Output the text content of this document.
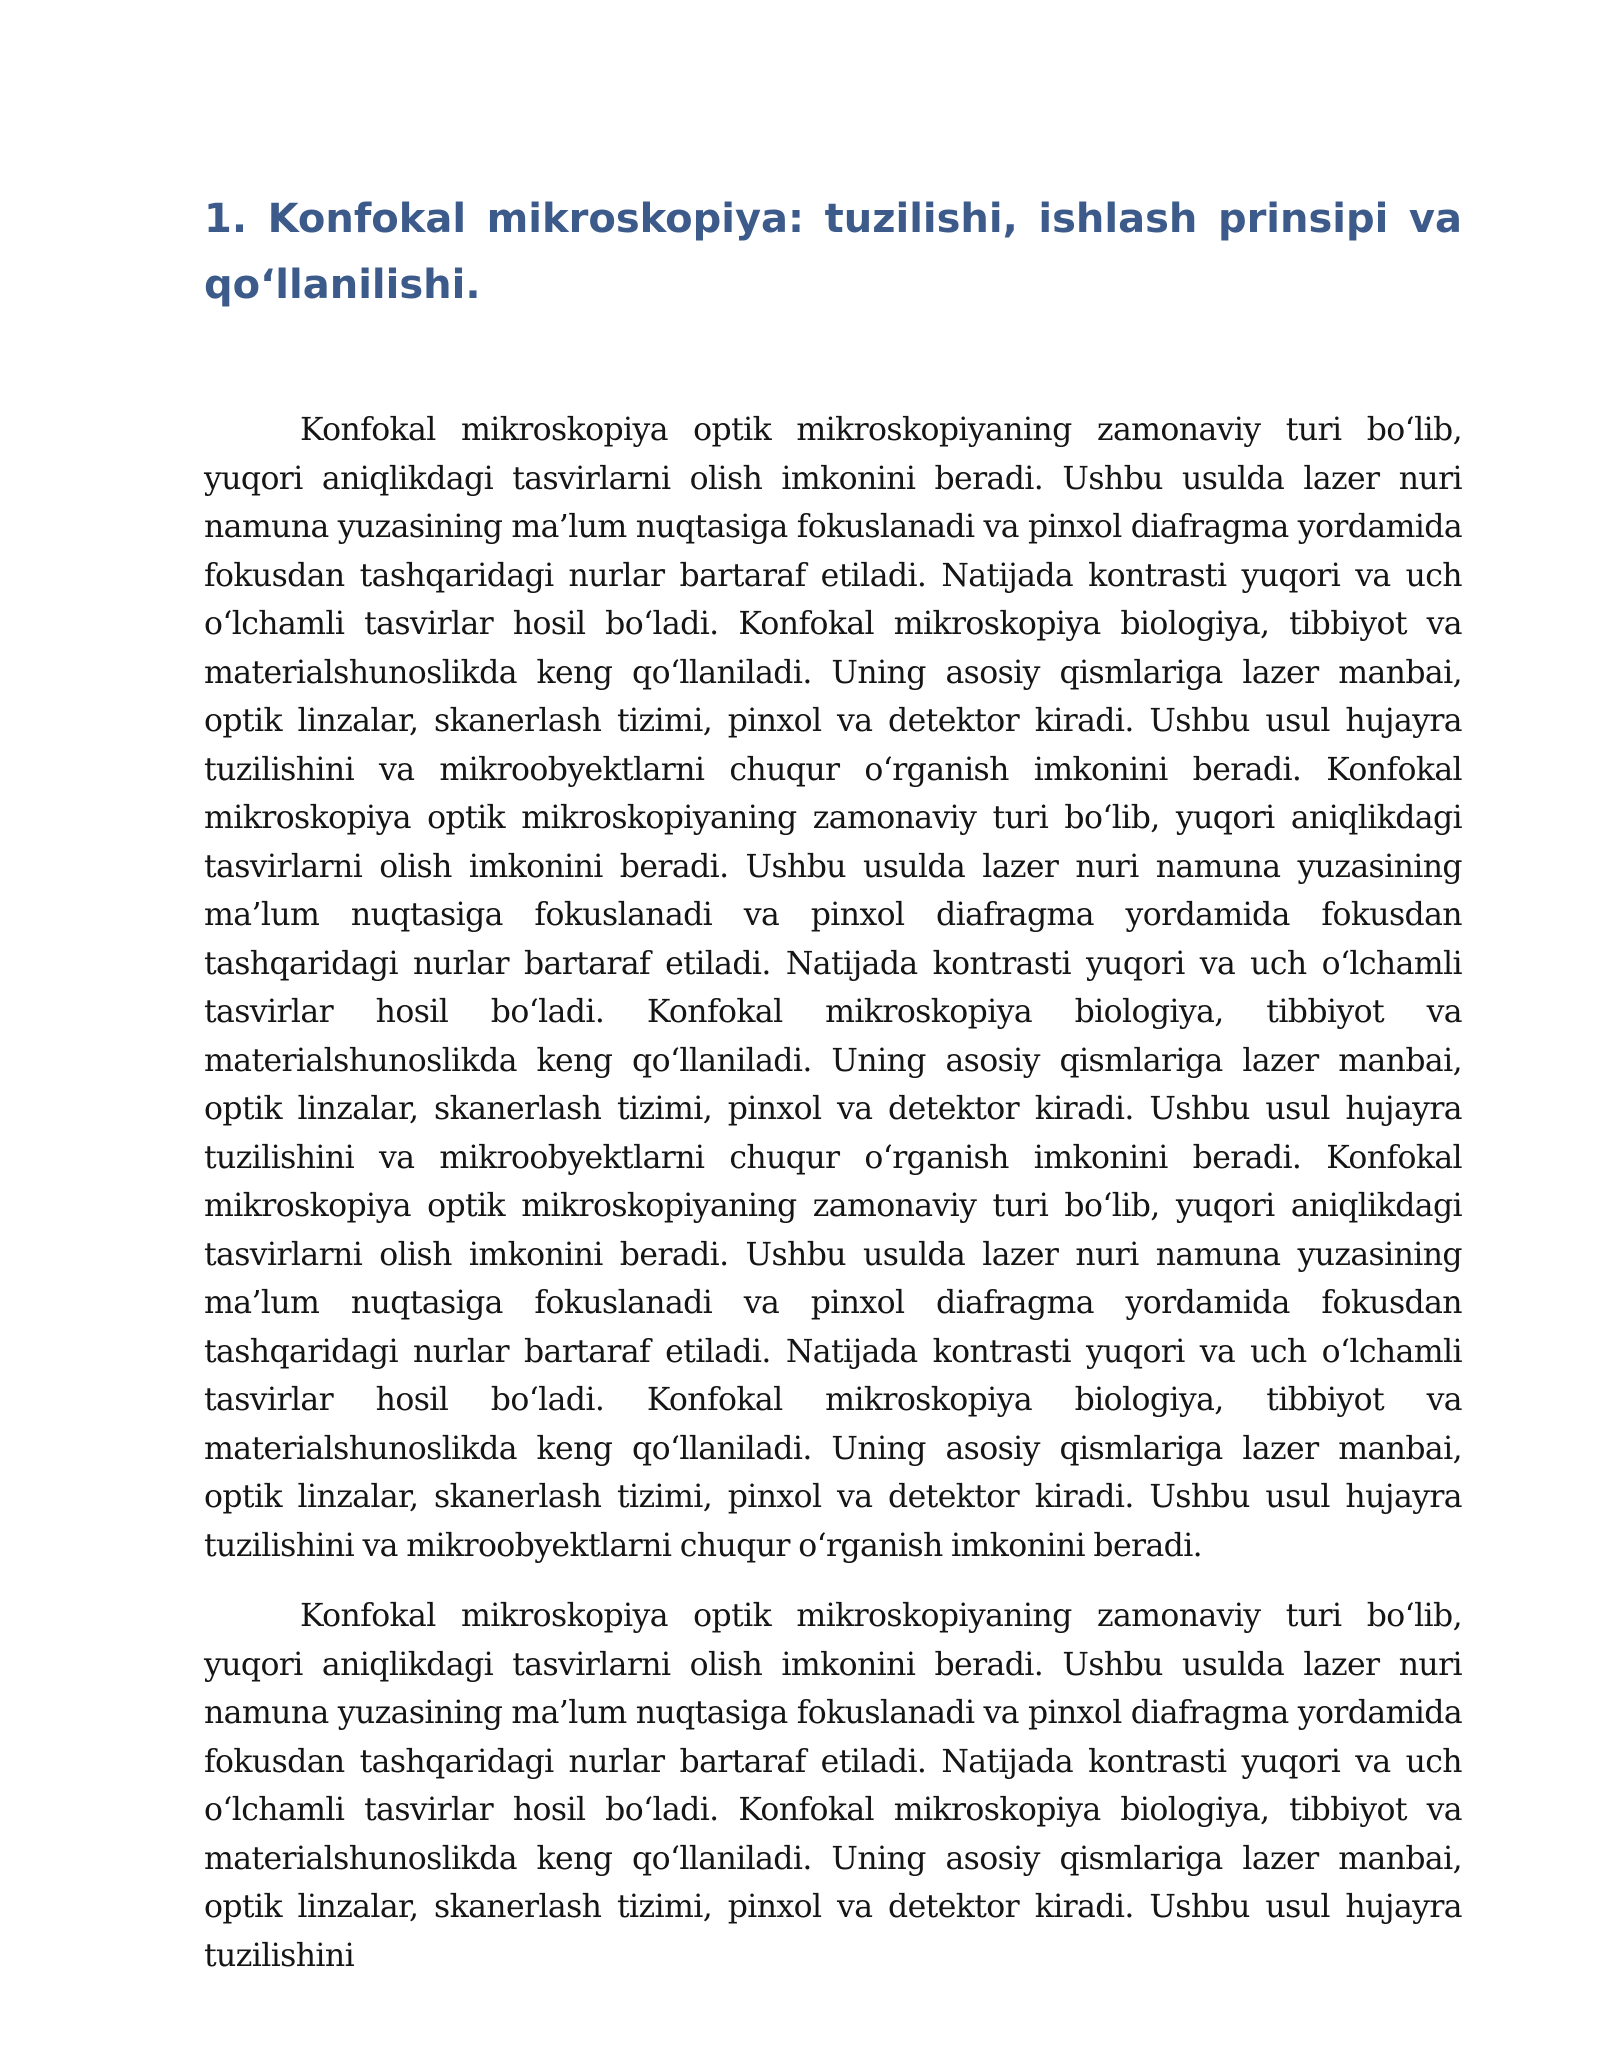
1. Konfokal mikroskopiya: tuzilishi, ishlash prinsipi va qo‘llanilishi.

Konfokal mikroskopiya optik mikroskopiyaning zamonaviy turi bo‘lib, yuqori aniqlikdagi tasvirlarni olish imkonini beradi. Ushbu usulda lazer nuri namuna yuzasining ma’lum nuqtasiga fokuslanadi va pinxol diafragma yordamida fokusdan tashqaridagi nurlar bartaraf etiladi. Natijada kontrasti yuqori va uch o‘lchamli tasvirlar hosil bo‘ladi. Konfokal mikroskopiya biologiya, tibbiyot va materialshunoslikda keng qo‘llaniladi. Uning asosiy qismlariga lazer manbai, optik linzalar, skanerlash tizimi, pinxol va detektor kiradi. Ushbu usul hujayra tuzilishini va mikroobyektlarni chuqur o‘rganish imkonini beradi. Konfokal mikroskopiya optik mikroskopiyaning zamonaviy turi bo‘lib, yuqori aniqlikdagi tasvirlarni olish imkonini beradi. Ushbu usulda lazer nuri namuna yuzasining ma’lum nuqtasiga fokuslanadi va pinxol diafragma yordamida fokusdan tashqaridagi nurlar bartaraf etiladi. Natijada kontrasti yuqori va uch o‘lchamli tasvirlar hosil bo‘ladi. Konfokal mikroskopiya biologiya, tibbiyot va materialshunoslikda keng qo‘llaniladi. Uning asosiy qismlariga lazer manbai, optik linzalar, skanerlash tizimi, pinxol va detektor kiradi. Ushbu usul hujayra tuzilishini va mikroobyektlarni chuqur o‘rganish imkonini beradi. Konfokal mikroskopiya optik mikroskopiyaning zamonaviy turi bo‘lib, yuqori aniqlikdagi tasvirlarni olish imkonini beradi. Ushbu usulda lazer nuri namuna yuzasining ma’lum nuqtasiga fokuslanadi va pinxol diafragma yordamida fokusdan tashqaridagi nurlar bartaraf etiladi. Natijada kontrasti yuqori va uch o‘lchamli tasvirlar hosil bo‘ladi. Konfokal mikroskopiya biologiya, tibbiyot va materialshunoslikda keng qo‘llaniladi. Uning asosiy qismlariga lazer manbai, optik linzalar, skanerlash tizimi, pinxol va detektor kiradi. Ushbu usul hujayra tuzilishini va mikroobyektlarni chuqur o‘rganish imkonini beradi.

Konfokal mikroskopiya optik mikroskopiyaning zamonaviy turi bo‘lib, yuqori aniqlikdagi tasvirlarni olish imkonini beradi. Ushbu usulda lazer nuri namuna yuzasining ma’lum nuqtasiga fokuslanadi va pinxol diafragma yordamida fokusdan tashqaridagi nurlar bartaraf etiladi. Natijada kontrasti yuqori va uch o‘lchamli tasvirlar hosil bo‘ladi. Konfokal mikroskopiya biologiya, tibbiyot va materialshunoslikda keng qo‘llaniladi. Uning asosiy qismlariga lazer manbai, optik linzalar, skanerlash tizimi, pinxol va detektor kiradi. Ushbu usul hujayra tuzilishini
